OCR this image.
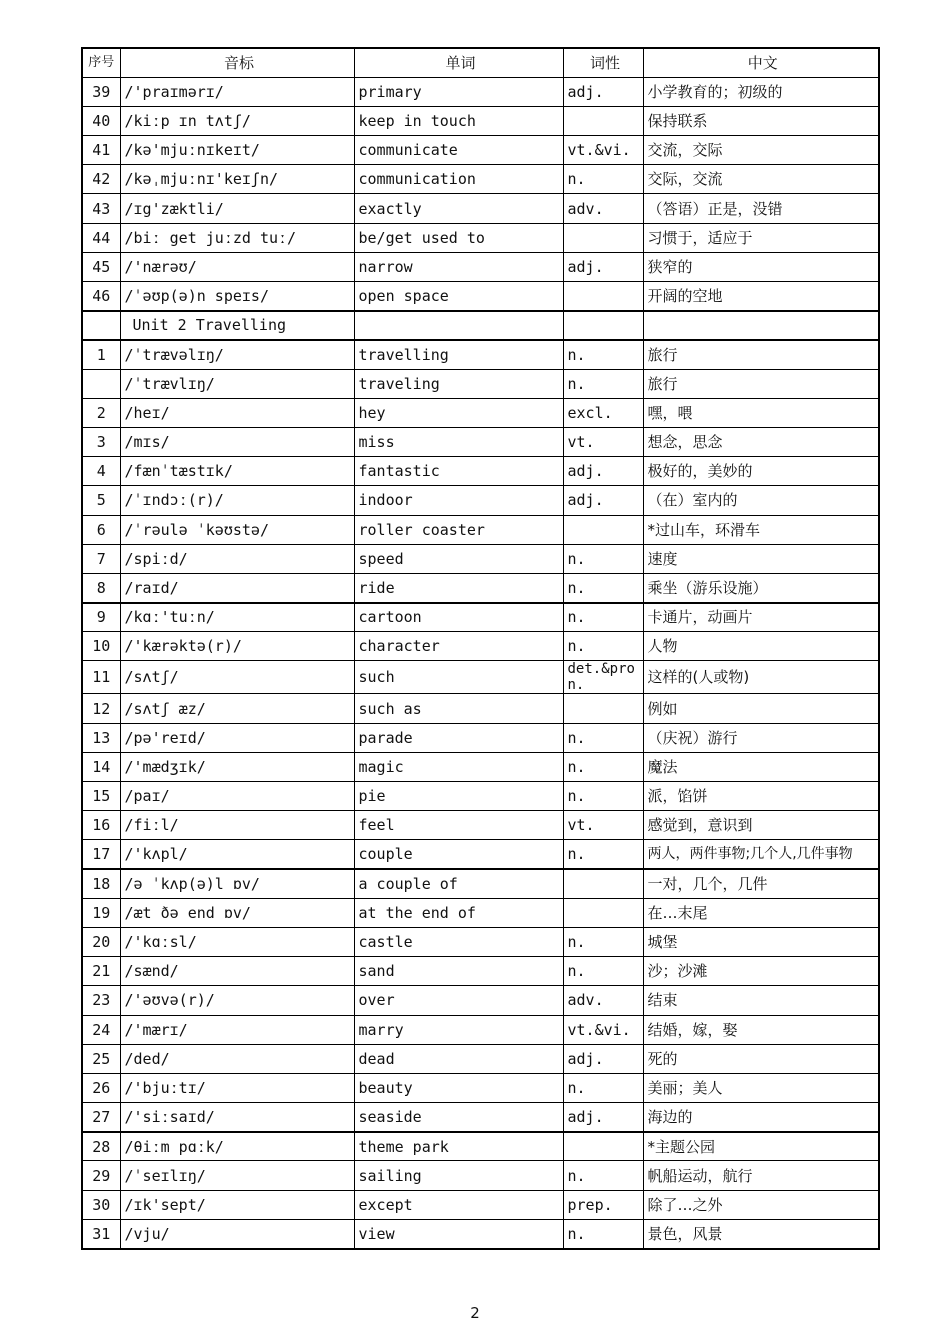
序号	音标	单词	词性	中文
39	/'praɪmərɪ/	primary	adj.	小学教育的；初级的
40	/kiːp ɪn tʌtʃ/	keep in touch		保持联系
41	/kə'mjuːnɪkeɪt/	communicate	vt.&vi.	交流，交际
42	/kəˌmjuːnɪ'keɪʃn/	communication	n.	交际，交流
43	/ɪg'zæktli/	exactly	adv.	（答语）正是，没错
44	/biː get juːzd tuː/	be/get used to		习惯于，适应于
45	/'nærəʊ/	narrow	adj.	狭窄的
46	/ˈəʊp(ə)n speɪs/	open space		开阔的空地
	Unit 2 Travelling			
1	/ˈtrævəlɪŋ/	travelling	n.	旅行
	/ˈtrævlɪŋ/	traveling	n.	旅行
2	/heɪ/	hey	excl.	嘿，喂
3	/mɪs/	miss	vt.	想念，思念
4	/fænˈtæstɪk/	fantastic	adj.	极好的，美妙的
5	/ˈɪndɔː(r)/	indoor	adj.	（在）室内的
6	/ˈrəulə ˈkəʊstə/	roller coaster		*过山车，环滑车
7	/spiːd/	speed	n.	速度
8	/raɪd/	ride	n.	乘坐（游乐设施）
9	/kɑː'tuːn/	cartoon	n.	卡通片，动画片
10	/'kærəktə(r)/	character	n.	人物
11	/sʌtʃ/	such	det.&pron.	这样的(人或物)
12	/sʌtʃ æz/	such as		例如
13	/pə'reɪd/	parade	n.	（庆祝）游行
14	/'mædʒɪk/	magic	n.	魔法
15	/paɪ/	pie	n.	派，馅饼
16	/fiːl/	feel	vt.	感觉到，意识到
17	/'kʌpl/	couple	n.	两人，两件事物;几个人,几件事物
18	/ə ˈkʌp(ə)l ɒv/	a couple of		一对，几个，几件
19	/æt ðə end ɒv/	at the end of		在…末尾
20	/'kɑːsl/	castle	n.	城堡
21	/sænd/	sand	n.	沙；沙滩
23	/'əʊvə(r)/	over	adv.	结束
24	/'mærɪ/	marry	vt.&vi.	结婚，嫁，娶
25	/ded/	dead	adj.	死的
26	/'bjuːtɪ/	beauty	n.	美丽；美人
27	/'siːsaɪd/	seaside	adj.	海边的
28	/θiːm pɑːk/	theme park		*主题公园
29	/ˈseɪlɪŋ/	sailing	n.	帆船运动，航行
30	/ɪk'sept/	except	prep.	除了…之外
31	/vju/	view	n.	景色，风景
2
